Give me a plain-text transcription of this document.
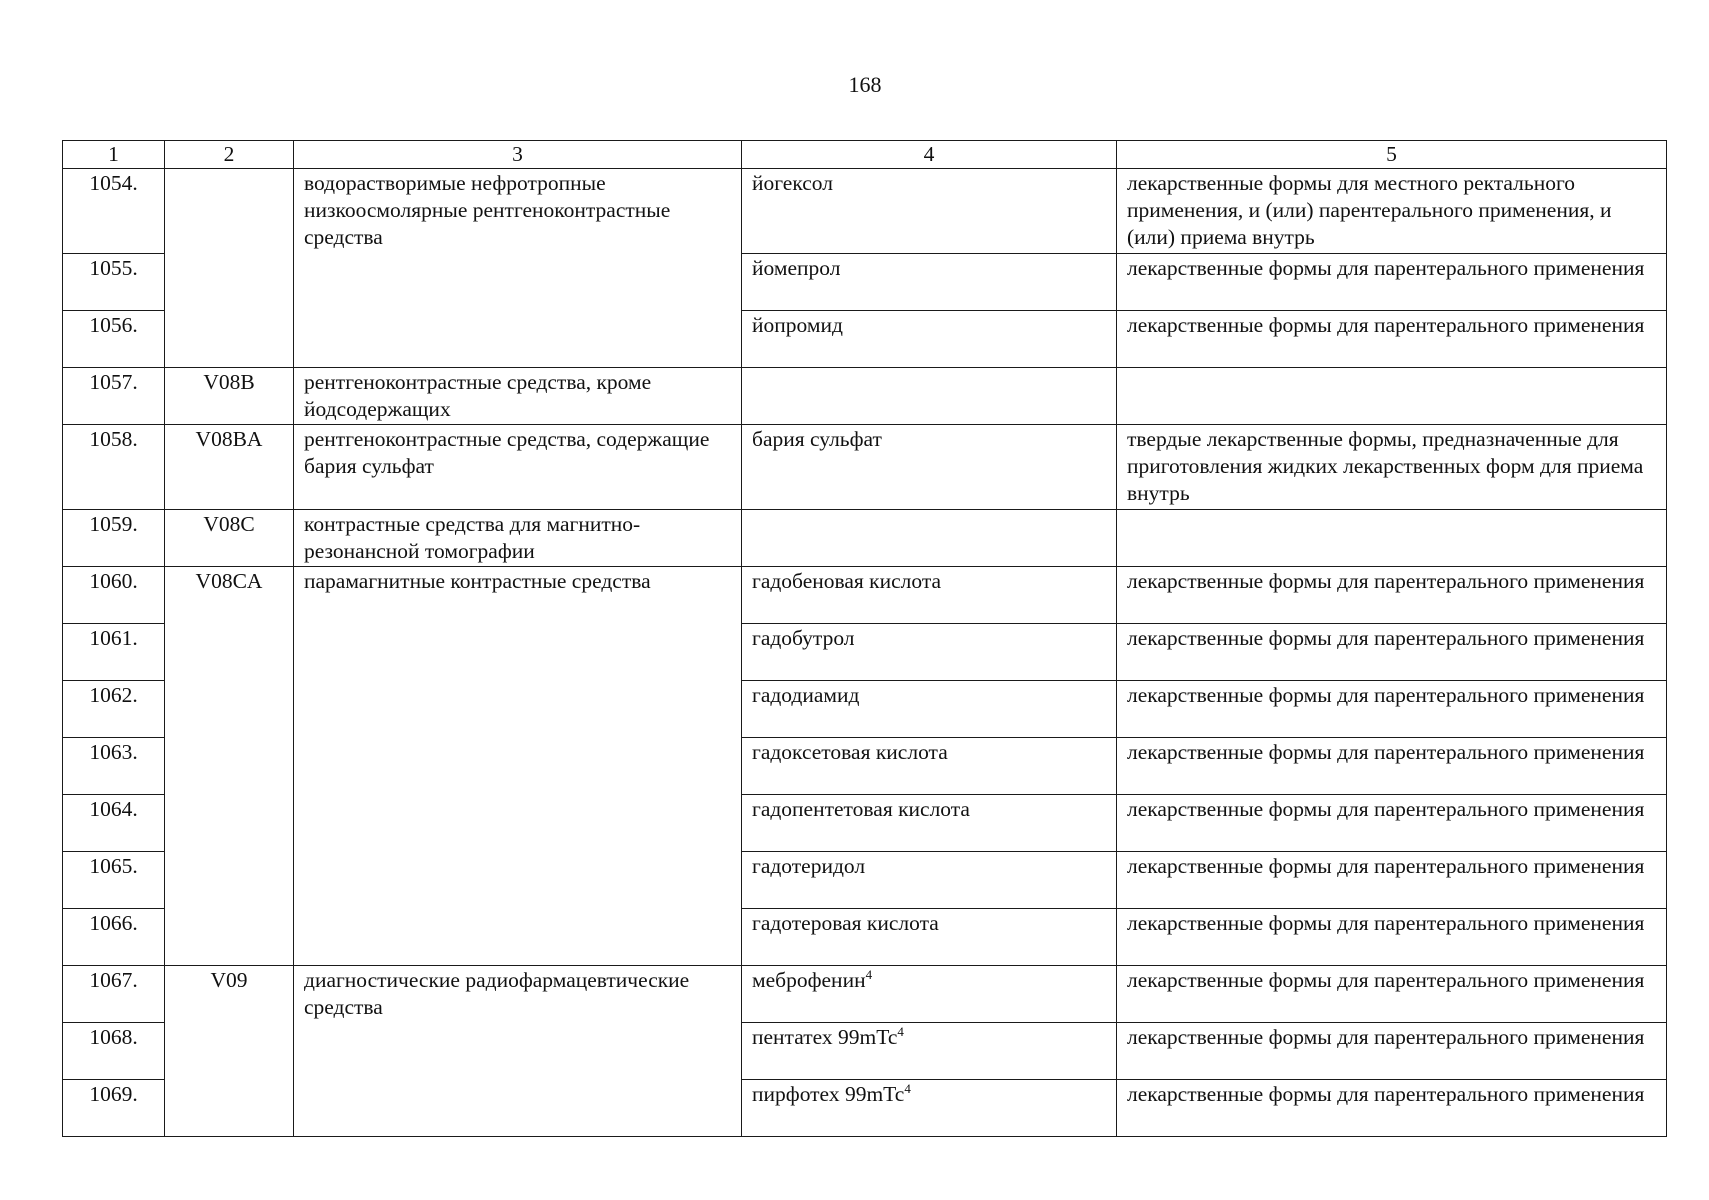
168
1	2	3	4	5
1054.		водорастворимые нефротропные низкоосмолярные рентгеноконтрастные средства	йогексол	лекарственные формы для местного ректального применения, и (или) парентерального применения, и (или) приема внутрь
1055.			йомепрол	лекарственные формы для парентерального применения
1056.			йопромид	лекарственные формы для парентерального применения
1057.	V08B	рентгеноконтрастные средства, кроме йодсодержащих		
1058.	V08BA	рентгеноконтрастные средства, содержащие бария сульфат	бария сульфат	твердые лекарственные формы, предназначенные для приготовления жидких лекарственных форм для приема внутрь
1059.	V08C	контрастные средства для магнитно-резонансной томографии		
1060.	V08CA	парамагнитные контрастные средства	гадобеновая кислота	лекарственные формы для парентерального применения
1061.			гадобутрол	лекарственные формы для парентерального применения
1062.			гадодиамид	лекарственные формы для парентерального применения
1063.			гадоксетовая кислота	лекарственные формы для парентерального применения
1064.			гадопентетовая кислота	лекарственные формы для парентерального применения
1065.			гадотеридол	лекарственные формы для парентерального применения
1066.			гадотеровая кислота	лекарственные формы для парентерального применения
1067.	V09	диагностические радиофармацевтические средства	меброфенин$^4$	лекарственные формы для парентерального применения
1068.			пентатех 99mTc$^4$	лекарственные формы для парентерального применения
1069.			пирфотех 99mTc$^4$	лекарственные формы для парентерального применения
